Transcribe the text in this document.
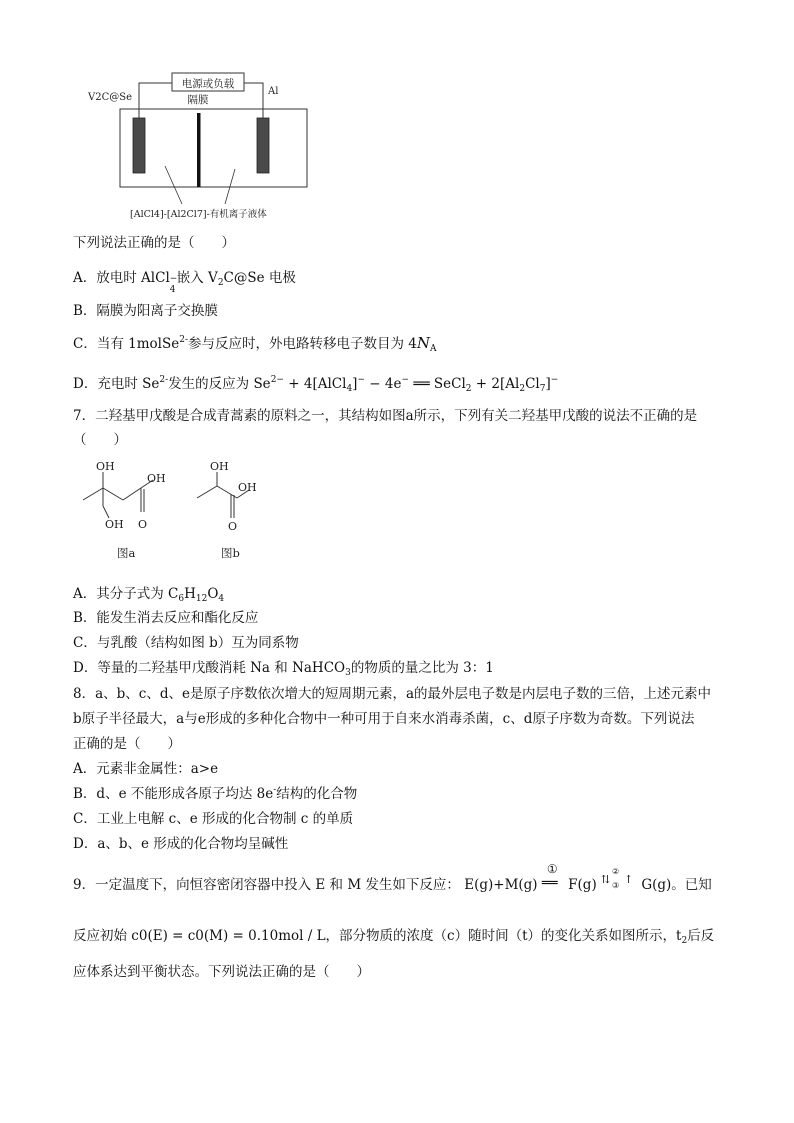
电源或负载
隔膜
V2C@Se
Al
[AlCl4]-[Al2Cl7]-有机离子液体
下列说法正确的是（　　）
A．放电时 AlCl −
4
嵌入 $V_2C@Se$ 电极
B．隔膜为阳离子交换膜
C．当有 1molSe$^{2-}$参与反应时，外电路转移电子数目为 $4N_A$
D．充电时 $Se^{2-}$发生的反应为 $Se^{2-}$ + 4[AlCl$_4$]− − 4e− ══ SeCl$_2$ + $2[Al_2Cl_7]^-$
7．二羟基甲戊酸是合成青蒿素的原料之一，其结构如图a所示，下列有关二羟基甲戊酸的说法不正确的是
（　　）
OH
OH
OH O
OH
OH
O
图a	图b
A．其分子式为 $C_6H_{12}O_4$
B．能发生消去反应和酯化反应
C．与乳酸（结构如图 b）互为同系物
D．等量的二羟基甲戊酸消耗 Na 和 NaHCO$_3$的物质的量之比为 3：1
8．a、b、c、d、e是原子序数依次增大的短周期元素，a的最外层电子数是内层电子数的三倍，上述元素中
b原子半径最大，a与e形成的多种化合物中一种可用于自来水消毒杀菌，c、d原子序数为奇数。下列说法
正确的是（　　）
A．元素非金属性：a>e
B．d、e 不能形成各原子均达 8e-结构的化合物
C．工业上电解 c、e 形成的化合物制 c 的单质
D．a、b、e 形成的化合物均呈碱性
9．一定温度下，向恒容密闭容器中投入 E 和 M 发生如下反应： E(g)+M(g)
①
══ F(g) ⇅
②
③ ↑ G(g)。已知
反应初始 c0(E) = c0(M) = 0.10mol / L，部分物质的浓度（c）随时间（t）的变化关系如图所示，$t_2$后反
应体系达到平衡状态。下列说法正确的是（　　）
